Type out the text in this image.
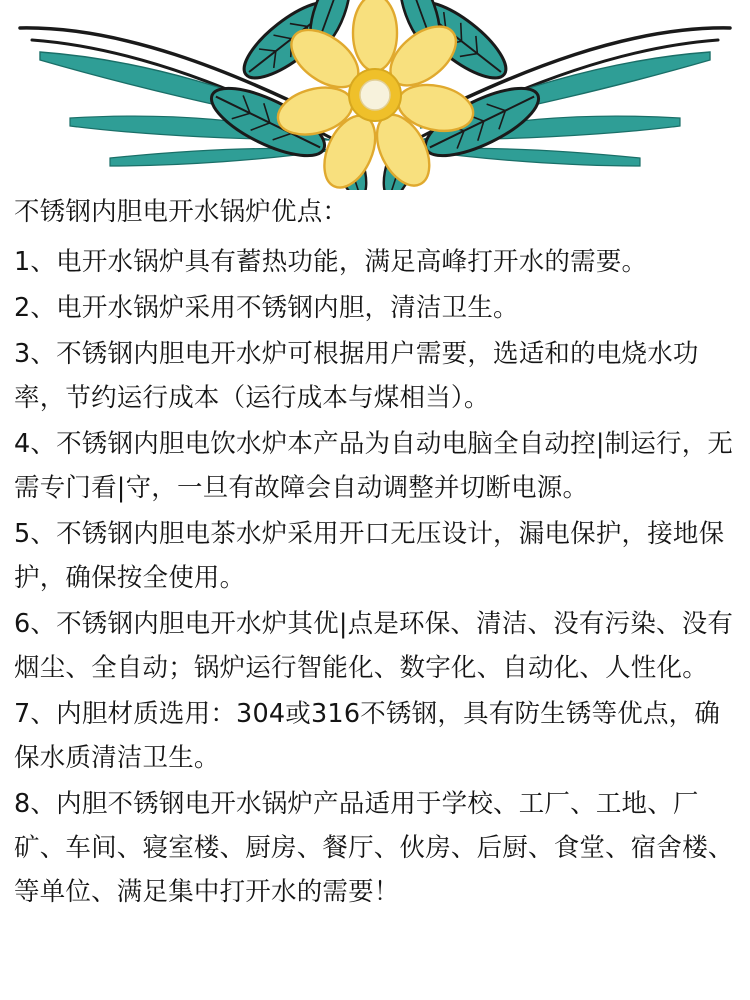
不锈钢内胆电开水锅炉优点：

1、电开水锅炉具有蓄热功能，满足高峰打开水的需要。

2、电开水锅炉采用不锈钢内胆，清洁卫生。

3、不锈钢内胆电开水炉可根据用户需要，选适和的电烧水功率，节约运行成本（运行成本与煤相当）。

4、不锈钢内胆电饮水炉本产品为自动电脑全自动控|制运行，无需专门看|守，一旦有故障会自动调整并切断电源。

5、不锈钢内胆电茶水炉采用开口无压设计，漏电保护，接地保护，确保按全使用。

6、不锈钢内胆电开水炉其优|点是环保、清洁、没有污染、没有烟尘、全自动；锅炉运行智能化、数字化、自动化、人性化。

7、内胆材质选用：304或316不锈钢，具有防生锈等优点，确保水质清洁卫生。

8、内胆不锈钢电开水锅炉产品适用于学校、工厂、工地、厂矿、车间、寝室楼、厨房、餐厅、伙房、后厨、食堂、宿舍楼、等单位、满足集中打开水的需要！
